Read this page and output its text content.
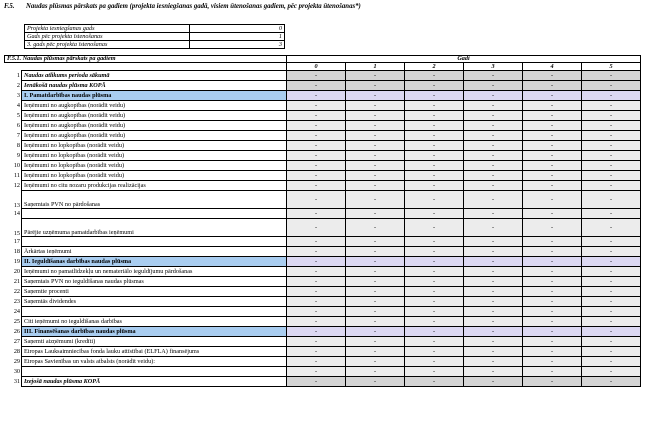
F.5. Naudas plūsmas pārskats pa gadiem (projekta iesniegšanas gadā, visiem ūtenošanas gadiem, pēc projekta ūtenošanas*)
Projekta iesniegšanas gads	0
Gads pēc projekta īstenošanas	1
3. gads pēc projekta īstenošanas	3
F.5.1. Naudas plūsmas pārskats pa gadiem		Gadi					
		0	1	2	3	4	5
1	Naudas atlikums perioda sākumā	-	-	-	-	-	-
2	Ienākošā naudas plūsma KOPĀ	-	-	-	-	-	-
3	I. Pamatdarbības naudas plūsma	-	-	-	-	-	-
4	Ieņēmumi no augkopības (norādīt veidu)	-	-	-	-	-	-
5	Ieņēmumi no augkopības (norādīt veidu)	-	-	-	-	-	-
6	Ieņēmumi no augkopības (norādīt veidu)	-	-	-	-	-	-
7	Ieņēmumi no augkopības (norādīt veidu)	-	-	-	-	-	-
8	Ieņēmumi no lopkopības (norādīt veidu)	-	-	-	-	-	-
9	Ieņēmumi no lopkopības (norādīt veidu)	-	-	-	-	-	-
10	Ieņēmumi no lopkopības (norādīt veidu)	-	-	-	-	-	-
11	Ieņēmumi no lopkopības (norādīt veidu)	-	-	-	-	-	-
12	Ieņēmumi no citu nozaru produkcijas realizācijas	-	-	-	-	-	-
13	Saņemtais PVN no pārdošanas	-	-	-	-	-	-
14		-	-	-	-	-	-
15	Pārējie uzņēmuma pamatdarbības ieņēmumi	-	-	-	-	-	-
17		-	-	-	-	-	-
18	Ārkārtas ieņēmumi	-	-	-	-	-	-
19	II. Ieguldīšanas darbības naudas plūsma	-	-	-	-	-	-
20	Ieņēmumi no pamatlīdzekļu un nemateriālo ieguldījumu pārdošanas	-	-	-	-	-	-
21	Saņemtais PVN no ieguldīšanas naudas plūsmas	-	-	-	-	-	-
22	Saņemtie procenti	-	-	-	-	-	-
23	Saņemtās dividendes	-	-	-	-	-	-
24		-	-	-	-	-	-
25	Citi ieņēmumi no ieguldīšanas darbības	-	-	-	-	-	-
26	III. Finansēšanas darbības naudas plūsma	-	-	-	-	-	-
27	Saņemti aizņēmumi (kredīti)	-	-	-	-	-	-
28	Eiropas Lauksaimniecības fonda lauku attīstībai (ELFLA) finansējums	-	-	-	-	-	-
29	Eiropas Savienības un valsts atbalsts (norādīt veidu):	-	-	-	-	-	-
30		-	-	-	-	-	-
31	Izejošā naudas plūsma KOPĀ	-	-	-	-	-	-
